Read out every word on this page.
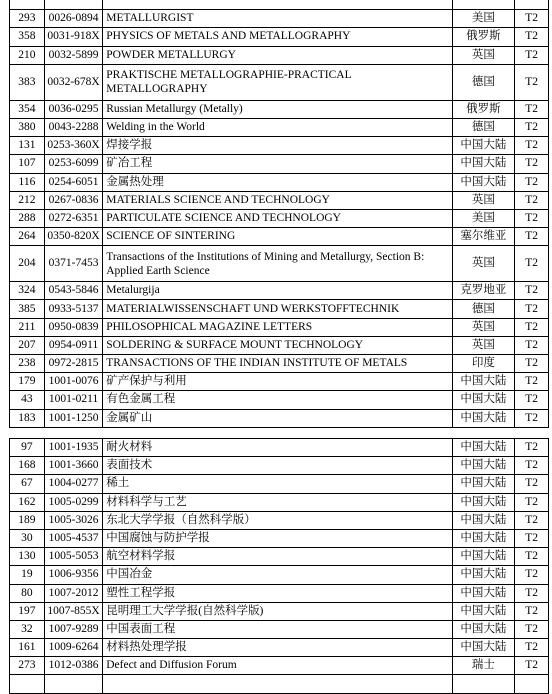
293	0026-0894	METALLURGIST	美国	T2
358	0031-918X	PHYSICS OF METALS AND METALLOGRAPHY	俄罗斯	T2
210	0032-5899	POWDER METALLURGY	英国	T2
383	0032-678X	PRAKTISCHE METALLOGRAPHIE-PRACTICAL METALLOGRAPHY	德国	T2
354	0036-0295	Russian Metallurgy (Metally)	俄罗斯	T2
380	0043-2288	Welding in the World	德国	T2
131	0253-360X	焊接学报	中国大陆	T2
107	0253-6099	矿冶工程	中国大陆	T2
116	0254-6051	金属热处理	中国大陆	T2
212	0267-0836	MATERIALS SCIENCE AND TECHNOLOGY	英国	T2
288	0272-6351	PARTICULATE SCIENCE AND TECHNOLOGY	美国	T2
264	0350-820X	SCIENCE OF SINTERING	塞尔维亚	T2
204	0371-7453	Transactions of the Institutions of Mining and Metallurgy, Section B: Applied Earth Science	英国	T2
324	0543-5846	Metalurgija	克罗地亚	T2
385	0933-5137	MATERIALWISSENSCHAFT UND WERKSTOFFTECHNIK	德国	T2
211	0950-0839	PHILOSOPHICAL MAGAZINE LETTERS	英国	T2
207	0954-0911	SOLDERING & SURFACE MOUNT TECHNOLOGY	英国	T2
238	0972-2815	TRANSACTIONS OF THE INDIAN INSTITUTE OF METALS	印度	T2
179	1001-0076	矿产保护与利用	中国大陆	T2
43	1001-0211	有色金属工程	中国大陆	T2
183	1001-1250	金属矿山	中国大陆	T2
97	1001-1935	耐火材料	中国大陆	T2
168	1001-3660	表面技术	中国大陆	T2
67	1004-0277	稀土	中国大陆	T2
162	1005-0299	材料科学与工艺	中国大陆	T2
189	1005-3026	东北大学学报（自然科学版）	中国大陆	T2
30	1005-4537	中国腐蚀与防护学报	中国大陆	T2
130	1005-5053	航空材料学报	中国大陆	T2
19	1006-9356	中国冶金	中国大陆	T2
80	1007-2012	塑性工程学报	中国大陆	T2
197	1007-855X	昆明理工大学学报(自然科学版)	中国大陆	T2
32	1007-9289	中国表面工程	中国大陆	T2
161	1009-6264	材料热处理学报	中国大陆	T2
273	1012-0386	Defect and Diffusion Forum	瑞士	T2
